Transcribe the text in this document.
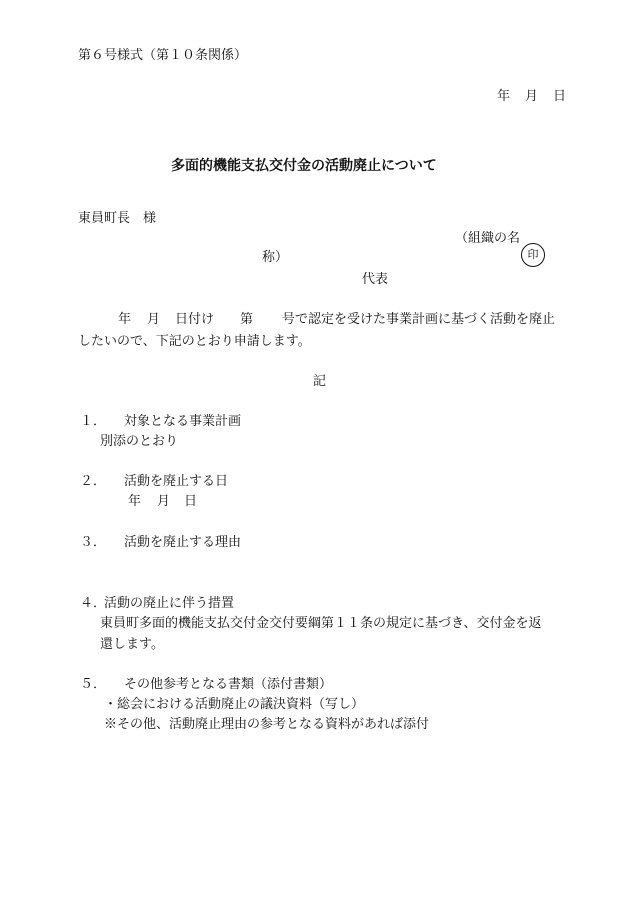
第６号様式（第１０条関係）
年 月 日
多面的機能支払交付金の活動廃止について
東員町長　様
（組織の名
称）	印
代表
年 月 日付け 第 号で認定を受けた事業計画に基づく活動を廃止
したいので、下記のとおり申請します。
記
１． 対象となる事業計画
別添のとおり
２． 活動を廃止する日
年 月 日
３． 活動を廃止する理由
４．
活動の廃止に伴う措置
東員町多面的機能支払交付金交付要綱第１１条の規定に基づき、交付金を返
還します。
５． その他参考となる書類（添付書類）
・総会における活動廃止の議決資料（写し）
※その他、活動廃止理由の参考となる資料があれば添付
